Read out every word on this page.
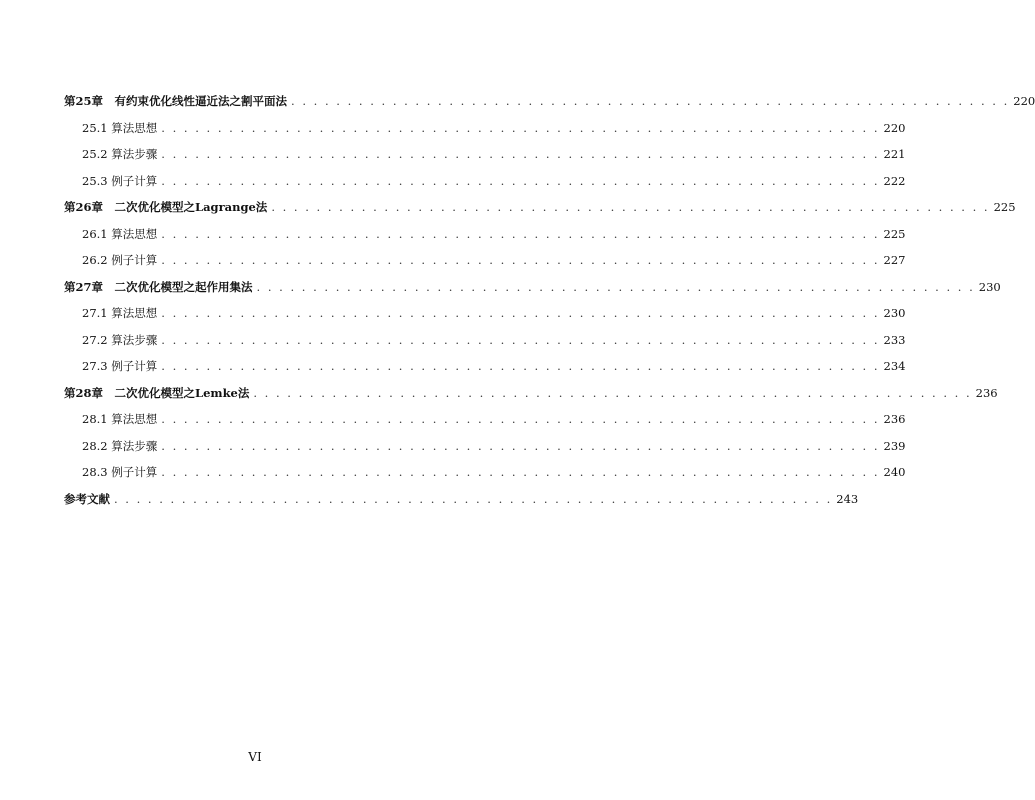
第25章　有约束优化线性逼近法之割平面法 . . . . . . . . . . . . . . . . . . . . . . . . . . . . . . . . . . . . . . . . . . . . . . . . . . . . . . . . . . . . . . . . 220
25.1 算法思想 . . . . . . . . . . . . . . . . . . . . . . . . . . . . . . . . . . . . . . . . . . . . . . . . . . . . . . . . . . . . . . . . 220
25.2 算法步骤 . . . . . . . . . . . . . . . . . . . . . . . . . . . . . . . . . . . . . . . . . . . . . . . . . . . . . . . . . . . . . . . . 221
25.3 例子计算 . . . . . . . . . . . . . . . . . . . . . . . . . . . . . . . . . . . . . . . . . . . . . . . . . . . . . . . . . . . . . . . . 222
第26章　二次优化模型之Lagrange法 . . . . . . . . . . . . . . . . . . . . . . . . . . . . . . . . . . . . . . . . . . . . . . . . . . . . . . . . . . . . . . . . 225
26.1 算法思想 . . . . . . . . . . . . . . . . . . . . . . . . . . . . . . . . . . . . . . . . . . . . . . . . . . . . . . . . . . . . . . . . 225
26.2 例子计算 . . . . . . . . . . . . . . . . . . . . . . . . . . . . . . . . . . . . . . . . . . . . . . . . . . . . . . . . . . . . . . . . 227
第27章　二次优化模型之起作用集法 . . . . . . . . . . . . . . . . . . . . . . . . . . . . . . . . . . . . . . . . . . . . . . . . . . . . . . . . . . . . . . . . 230
27.1 算法思想 . . . . . . . . . . . . . . . . . . . . . . . . . . . . . . . . . . . . . . . . . . . . . . . . . . . . . . . . . . . . . . . . 230
27.2 算法步骤 . . . . . . . . . . . . . . . . . . . . . . . . . . . . . . . . . . . . . . . . . . . . . . . . . . . . . . . . . . . . . . . . 233
27.3 例子计算 . . . . . . . . . . . . . . . . . . . . . . . . . . . . . . . . . . . . . . . . . . . . . . . . . . . . . . . . . . . . . . . . 234
第28章　二次优化模型之Lemke法 . . . . . . . . . . . . . . . . . . . . . . . . . . . . . . . . . . . . . . . . . . . . . . . . . . . . . . . . . . . . . . . . 236
28.1 算法思想 . . . . . . . . . . . . . . . . . . . . . . . . . . . . . . . . . . . . . . . . . . . . . . . . . . . . . . . . . . . . . . . . 236
28.2 算法步骤 . . . . . . . . . . . . . . . . . . . . . . . . . . . . . . . . . . . . . . . . . . . . . . . . . . . . . . . . . . . . . . . . 239
28.3 例子计算 . . . . . . . . . . . . . . . . . . . . . . . . . . . . . . . . . . . . . . . . . . . . . . . . . . . . . . . . . . . . . . . . 240
参考文献 . . . . . . . . . . . . . . . . . . . . . . . . . . . . . . . . . . . . . . . . . . . . . . . . . . . . . . . . . . . . . . . . 243
VI
